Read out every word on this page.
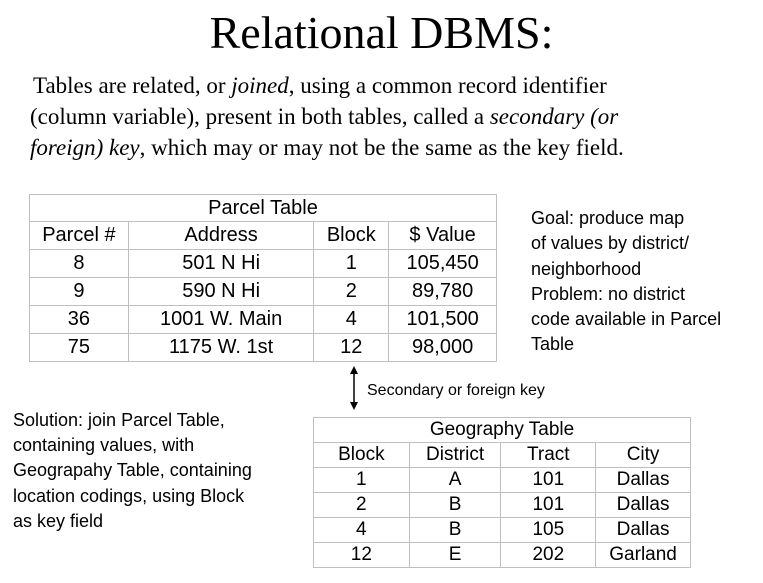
Relational DBMS:
Tables are related, or joined, using a common record identifier
(column variable), present in both tables, called a secondary (or
foreign) key, which may or may not be the same as the key field.
Parcel Table			
Parcel #	Address	Block	$ Value
8	501 N Hi	1	105,450
9	590 N Hi	2	89,780
36	1001 W. Main	4	101,500
75	1175 W. 1st	12	98,000
Goal: produce map
of values by district/
neighborhood
Problem: no district
code available in Parcel
Table
Secondary or foreign key
Solution: join Parcel Table,
containing values, with
Geograpahy Table, containing
location codings, using Block
as key field
Geography Table			
Block	District	Tract	City
1	A	101	Dallas
2	B	101	Dallas
4	B	105	Dallas
12	E	202	Garland
